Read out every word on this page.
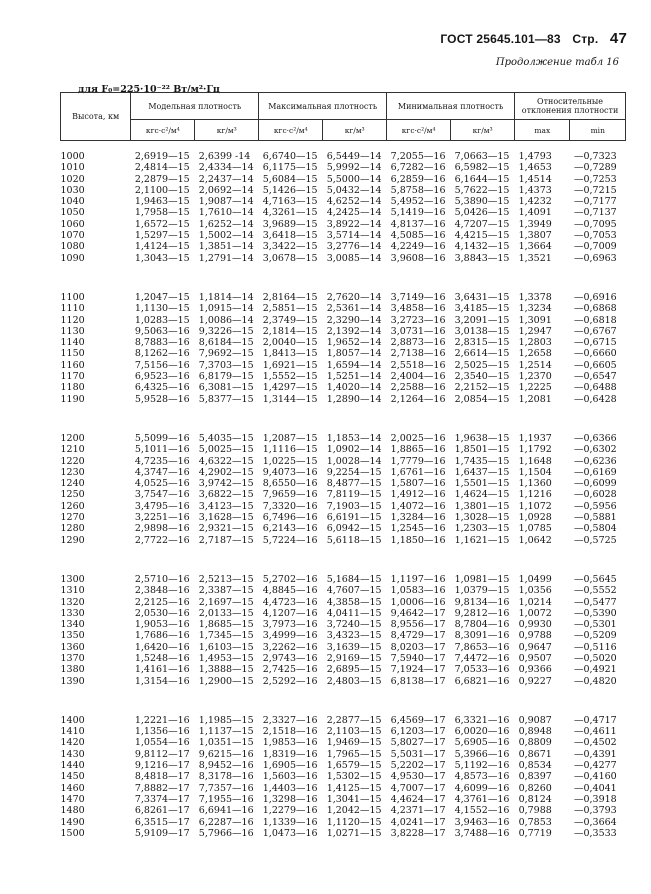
ГОСТ 25645.101—83 Стр. 47
Продолжение табл 16
для F₀=225·10⁻²² Вт/м²·Гц
Высота, км	Модельная плотность		Максимальная плотность		Минимальная плотность		Относительные отклонения плотности	
	кгс·с²/м⁴	кг/м³	кгс·с²/м⁴	кг/м³	кгс·с²/м⁴	кг/м³	max	min

1000	2,6919—15	2,6399 -14	6,6740—15	6,5449—14	7,2055—16	7,0663—15	1,4793	—0,7323
1010	2,4814—15	2,4334—14	6,1175—15	5,9992—14	6,7282—16	6,5982—15	1,4653	—0,7289
1020	2,2879—15	2,2437—14	5,6084—15	5,5000—14	6,2859—16	6,1644—15	1,4514	—0,7253
1030	2,1100—15	2,0692—14	5,1426—15	5,0432—14	5,8758—16	5,7622—15	1,4373	—0,7215
1040	1,9463—15	1,9087—14	4,7163—15	4,6252—14	5,4952—16	5,3890—15	1,4232	—0,7177
1050	1,7958—15	1,7610—14	4,3261—15	4,2425—14	5,1419—16	5,0426—15	1,4091	—0,7137
1060	1,6572—15	1,6252—14	3,9689—15	3,8922—14	4,8137—16	4,7207—15	1,3949	—0,7095
1070	1,5297—15	1,5002—14	3,6418—15	3,5714—14	4,5085—16	4,4215—15	1,3807	—0,7053
1080	1,4124—15	1,3851—14	3,3422—15	3,2776—14	4,2249—16	4,1432—15	1,3664	—0,7009
1090	1,3043—15	1,2791—14	3,0678—15	3,0085—14	3,9608—16	3,8843—15	1,3521	—0,6963

1100	1,2047—15	1,1814—14	2,8164—15	2,7620—14	3,7149—16	3,6431—15	1,3378	—0,6916
1110	1,1130—15	1,0915—14	2,5851—15	2,5361—14	3,4858—16	3,4185—15	1,3234	—0,6868
1120	1,0283—15	1,0086—14	2,3749—15	2,3290—14	3,2723—16	3,2091—15	1,3091	—0,6818
1130	9,5063—16	9,3226—15	2,1814—15	2,1392—14	3,0731—16	3,0138—15	1,2947	—0,6767
1140	8,7883—16	8,6184—15	2,0040—15	1,9652—14	2,8873—16	2,8315—15	1,2803	—0,6715
1150	8,1262—16	7,9692—15	1,8413—15	1,8057—14	2,7138—16	2,6614—15	1,2658	—0,6660
1160	7,5156—16	7,3703—15	1,6921—15	1,6594—14	2,5518—16	2,5025—15	1,2514	—0,6605
1170	6,9523—16	6,8179—15	1,5552—15	1,5251—14	2,4004—16	2,3540—15	1,2370	—0,6547
1180	6,4325—16	6,3081—15	1,4297—15	1,4020—14	2,2588—16	2,2152—15	1,2225	—0,6488
1190	5,9528—16	5,8377—15	1,3144—15	1,2890—14	2,1264—16	2,0854—15	1,2081	—0,6428

1200	5,5099—16	5,4035—15	1,2087—15	1,1853—14	2,0025—16	1,9638—15	1,1937	—0,6366
1210	5,1011—16	5,0025—15	1,1116—15	1,0902—14	1,8865—16	1,8501—15	1,1792	—0,6302
1220	4,7235—16	4,6322—15	1,0225—15	1,0028—14	1,7779—16	1,7435—15	1,1648	—0,6236
1230	4,3747—16	4,2902—15	9,4073—16	9,2254—15	1,6761—16	1,6437—15	1,1504	—0,6169
1240	4,0525—16	3,9742—15	8,6550—16	8,4877—15	1,5807—16	1,5501—15	1,1360	—0,6099
1250	3,7547—16	3,6822—15	7,9659—16	7,8119—15	1,4912—16	1,4624—15	1,1216	—0,6028
1260	3,4795—16	3,4123—15	7,3320—16	7,1903—15	1,4072—16	1,3801—15	1,1072	—0,5956
1270	3,2251—16	3,1628—15	6,7496—16	6,6191—15	1,3284—16	1,3028—15	1,0928	—0,5881
1280	2,9898—16	2,9321—15	6,2143—16	6,0942—15	1,2545—16	1,2303—15	1,0785	—0,5804
1290	2,7722—16	2,7187—15	5,7224—16	5,6118—15	1,1850—16	1,1621—15	1,0642	—0,5725

1300	2,5710—16	2,5213—15	5,2702—16	5,1684—15	1,1197—16	1,0981—15	1,0499	—0,5645
1310	2,3848—16	2,3387—15	4,8845—16	4,7607—15	1,0583—16	1,0379—15	1,0356	—0,5552
1320	2,2125—16	2,1697—15	4,4723—16	4,3858—15	1,0006—16	9,8134—16	1,0214	—0,5477
1330	2,0530—16	2,0133—15	4,1207—16	4,0411—15	9,4642—17	9,2812—16	1,0072	—0,5390
1340	1,9053—16	1,8685—15	3,7973—16	3,7240—15	8,9556—17	8,7804—16	0,9930	—0,5301
1350	1,7686—16	1,7345—15	3,4999—16	3,4323—15	8,4729—17	8,3091—16	0,9788	—0,5209
1360	1,6420—16	1,6103—15	3,2262—16	3,1639—15	8,0203—17	7,8653—16	0,9647	—0,5116
1370	1,5248—16	1,4953—15	2,9743—16	2,9169—15	7,5940—17	7,4472—16	0,9507	—0,5020
1380	1,4161—16	1,3888—15	2,7425—16	2,6895—15	7,1924—17	7,0533—16	0,9366	—0,4921
1390	1,3154—16	1,2900—15	2,5292—16	2,4803—15	6,8138—17	6,6821—16	0,9227	—0,4820

1400	1,2221—16	1,1985—15	2,3327—16	2,2877—15	6,4569—17	6,3321—16	0,9087	—0,4717
1410	1,1356—16	1,1137—15	2,1518—16	2,1103—15	6,1203—17	6,0020—16	0,8948	—0,4611
1420	1,0554—16	1,0351—15	1,9853—16	1,9469—15	5,8027—17	5,6905—16	0,8809	—0,4502
1430	9,8112—17	9,6215—16	1,8319—16	1,7965—15	5,5031—17	5,3966—16	0,8671	—0,4391
1440	9,1216—17	8,9452—16	1,6905—16	1,6579—15	5,2202—17	5,1192—16	0,8534	—0,4277
1450	8,4818—17	8,3178—16	1,5603—16	1,5302—15	4,9530—17	4,8573—16	0,8397	—0,4160
1460	7,8882—17	7,7357—16	1,4403—16	1,4125—15	4,7007—17	4,6099—16	0,8260	—0,4041
1470	7,3374—17	7,1955—16	1,3298—16	1,3041—15	4,4624—17	4,3761—16	0,8124	—0,3918
1480	6,8261—17	6,6941—16	1,2279—16	1,2042—15	4,2371—17	4,1552—16	0,7988	—0,3793
1490	6,3515—17	6,2287—16	1,1339—16	1,1120—15	4,0241—17	3,9463—16	0,7853	—0,3664
1500	5,9109—17	5,7966—16	1,0473—16	1,0271—15	3,8228—17	3,7488—16	0,7719	—0,3533
